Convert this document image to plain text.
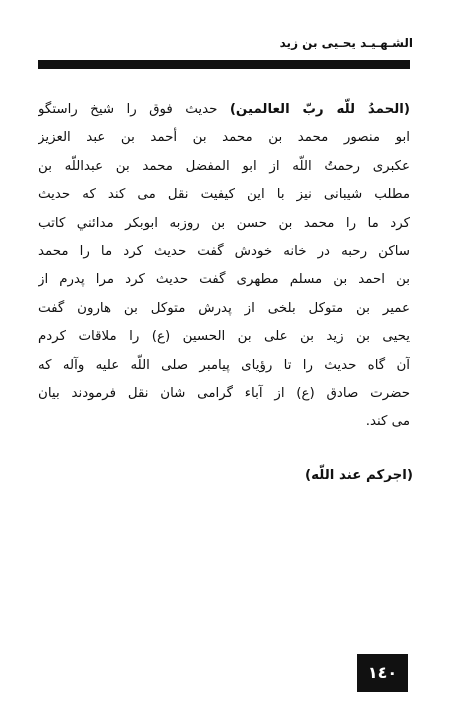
الشـهـيـد يحـيى بن زيد
(الحمدُ للّه ربّ العالمين) حديث فوق را شيخ راستگو
ابو منصور محمد بن محمد بن أحمد بن عبد العزيز
عكبرى رحمتُ اللّه از ابو المفضل محمد بن عبداللّه بن
مطلب شيبانى نيز با اين كيفيت نقل مى كند كه حديث
كرد ما را محمد بن حسن بن روزبه ابوبكر مدائني كاتب
ساكن رحبه در خانه خودش گفت حديث كرد ما را محمد
بن احمد بن مسلم مطهرى گفت حديث كرد مرا پدرم از
عمير بن متوكل بلخى از پدرش متوكل بن هارون گفت
يحيى بن زيد بن على بن الحسين (ع) را ملاقات كردم
آن گاه حديث را تا رؤياى پيامبر صلى اللّه عليه وآله كه
حضرت صادق (ع) از آباء گرامى شان نقل فرمودند بيان
مى كند.
(اجركم عند اللّه)
۱٤٠
